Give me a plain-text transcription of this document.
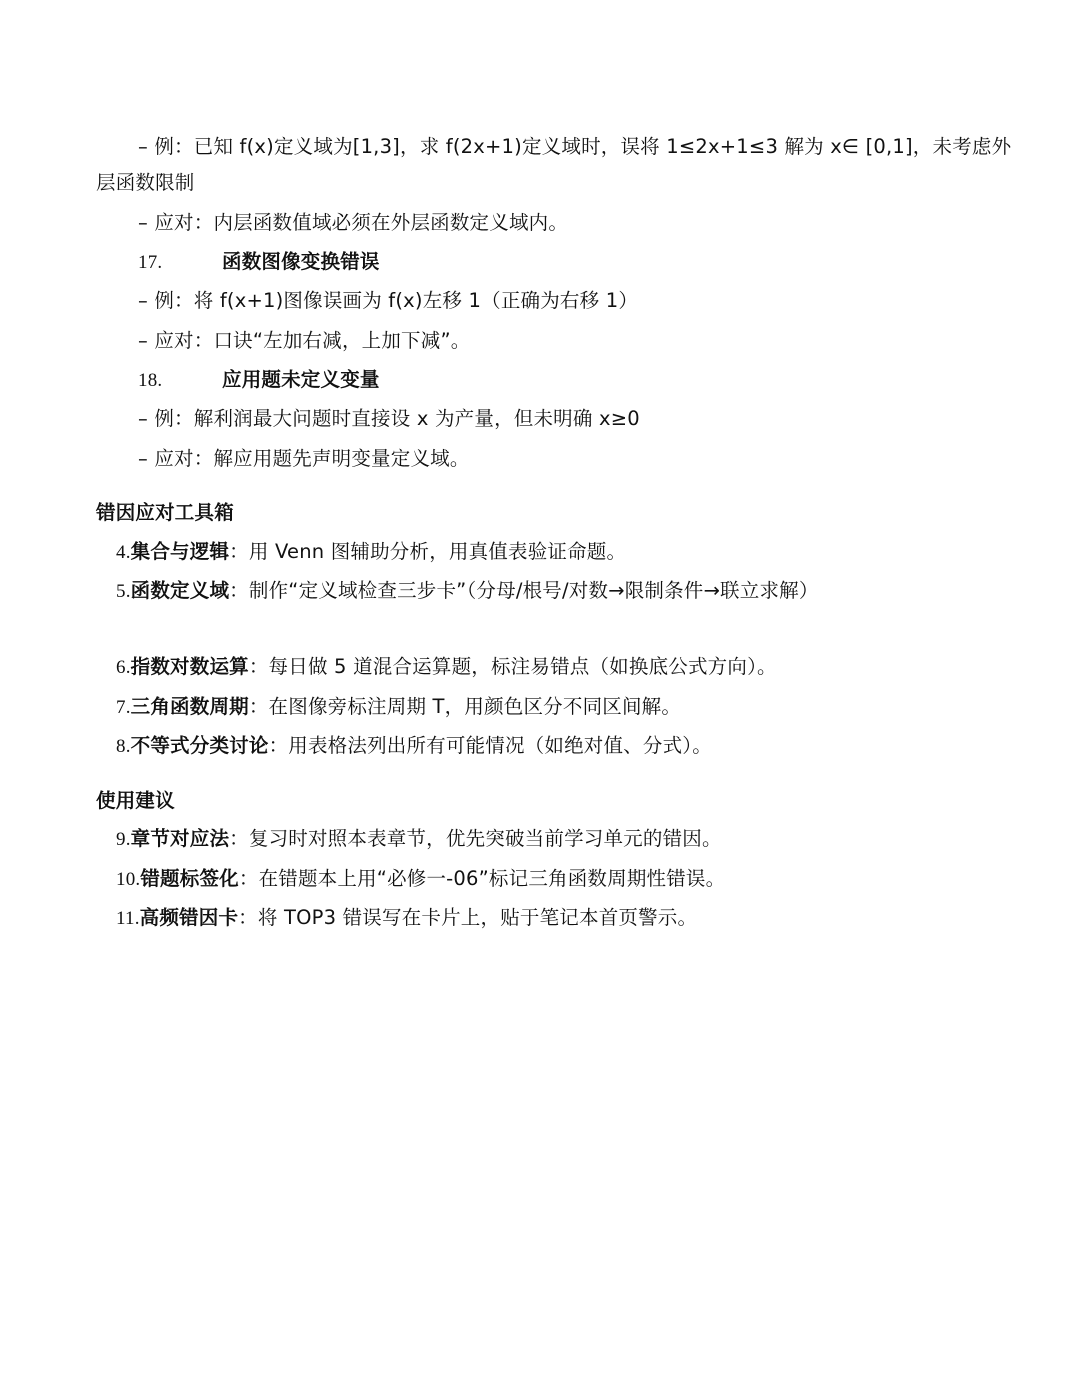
– 例：已知 f(x)定义域为[1,3]，求 f(2x+1)定义域时，误将 1≤2x+1≤3 解为 x∈ [0,1]，未考虑外
层函数限制
– 应对：内层函数值域必须在外层函数定义域内。
17.	函数图像变换错误
– 例：将 f(x+1)图像误画为 f(x)左移 1（正确为右移 1）
– 应对：口诀“左加右减，上加下减”。
18.	应用题未定义变量
– 例：解利润最大问题时直接设 x 为产量，但未明确 x≥0
– 应对：解应用题先声明变量定义域。
错因应对工具箱
4.集合与逻辑：用 Venn 图辅助分析，用真值表验证命题。
5.函数定义域：制作“定义域检查三步卡”（分母/根号/对数→限制条件→联立求解）
6.指数对数运算：每日做 5 道混合运算题，标注易错点（如换底公式方向）。
7.三角函数周期：在图像旁标注周期 T，用颜色区分不同区间解。
8.不等式分类讨论：用表格法列出所有可能情况（如绝对值、分式）。
使用建议
9.章节对应法：复习时对照本表章节，优先突破当前学习单元的错因。
10.错题标签化：在错题本上用“必修一-06”标记三角函数周期性错误。
11.高频错因卡：将 TOP3 错误写在卡片上，贴于笔记本首页警示。
